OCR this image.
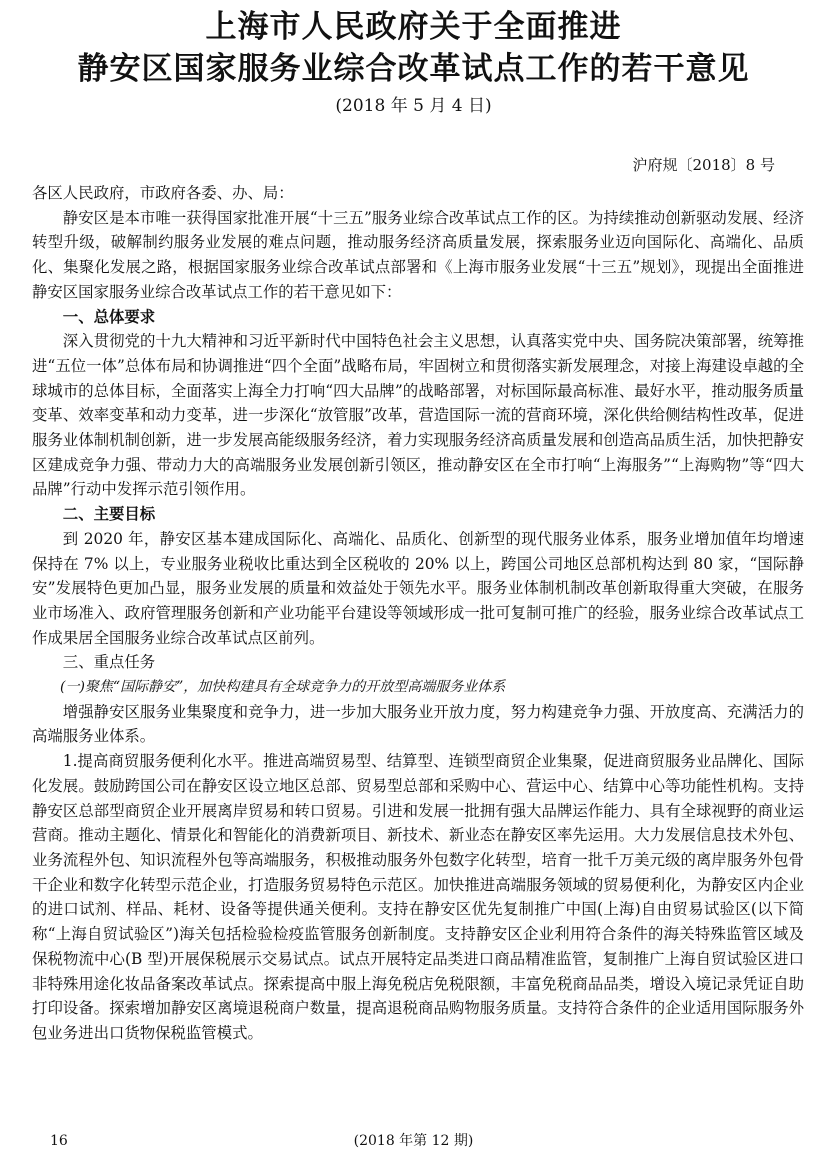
上海市人民政府关于全面推进
静安区国家服务业综合改革试点工作的若干意见
(2018 年 5 月 4 日)
沪府规〔2018〕8 号

各区人民政府，市政府各委、办、局：

静安区是本市唯一获得国家批准开展“十三五”服务业综合改革试点工作的区。为持续推动创新驱动发展、经济转型升级，破解制约服务业发展的难点问题，推动服务经济高质量发展，探索服务业迈向国际化、高端化、品质化、集聚化发展之路，根据国家服务业综合改革试点部署和《上海市服务业发展“十三五”规划》，现提出全面推进静安区国家服务业综合改革试点工作的若干意见如下：

一、总体要求

深入贯彻党的十九大精神和习近平新时代中国特色社会主义思想，认真落实党中央、国务院决策部署，统筹推进“五位一体”总体布局和协调推进“四个全面”战略布局，牢固树立和贯彻落实新发展理念，对接上海建设卓越的全球城市的总体目标，全面落实上海全力打响“四大品牌”的战略部署，对标国际最高标准、最好水平，推动服务质量变革、效率变革和动力变革，进一步深化“放管服”改革，营造国际一流的营商环境，深化供给侧结构性改革，促进服务业体制机制创新，进一步发展高能级服务经济，着力实现服务经济高质量发展和创造高品质生活，加快把静安区建成竞争力强、带动力大的高端服务业发展创新引领区，推动静安区在全市打响“上海服务”“上海购物”等“四大品牌”行动中发挥示范引领作用。

二、主要目标

到 2020 年，静安区基本建成国际化、高端化、品质化、创新型的现代服务业体系，服务业增加值年均增速保持在 7% 以上，专业服务业税收比重达到全区税收的 20% 以上，跨国公司地区总部机构达到 80 家，“国际静安”发展特色更加凸显，服务业发展的质量和效益处于领先水平。服务业体制机制改革创新取得重大突破，在服务业市场准入、政府管理服务创新和产业功能平台建设等领域形成一批可复制可推广的经验，服务业综合改革试点工作成果居全国服务业综合改革试点区前列。

三、重点任务

(一)聚焦“国际静安”，加快构建具有全球竞争力的开放型高端服务业体系

增强静安区服务业集聚度和竞争力，进一步加大服务业开放力度，努力构建竞争力强、开放度高、充满活力的高端服务业体系。

1.提高商贸服务便利化水平。推进高端贸易型、结算型、连锁型商贸企业集聚，促进商贸服务业品牌化、国际化发展。鼓励跨国公司在静安区设立地区总部、贸易型总部和采购中心、营运中心、结算中心等功能性机构。支持静安区总部型商贸企业开展离岸贸易和转口贸易。引进和发展一批拥有强大品牌运作能力、具有全球视野的商业运营商。推动主题化、情景化和智能化的消费新项目、新技术、新业态在静安区率先运用。大力发展信息技术外包、业务流程外包、知识流程外包等高端服务，积极推动服务外包数字化转型，培育一批千万美元级的离岸服务外包骨干企业和数字化转型示范企业，打造服务贸易特色示范区。加快推进高端服务领域的贸易便利化，为静安区内企业的进口试剂、样品、耗材、设备等提供通关便利。支持在静安区优先复制推广中国(上海)自由贸易试验区(以下简称“上海自贸试验区”)海关包括检验检疫监管服务创新制度。支持静安区企业利用符合条件的海关特殊监管区域及保税物流中心(B 型)开展保税展示交易试点。试点开展特定品类进口商品精准监管，复制推广上海自贸试验区进口非特殊用途化妆品备案改革试点。探索提高中服上海免税店免税限额，丰富免税商品品类，增设入境记录凭证自助打印设备。探索增加静安区离境退税商户数量，提高退税商品购物服务质量。支持符合条件的企业适用国际服务外包业务进出口货物保税监管模式。

16	(2018 年第 12 期)
